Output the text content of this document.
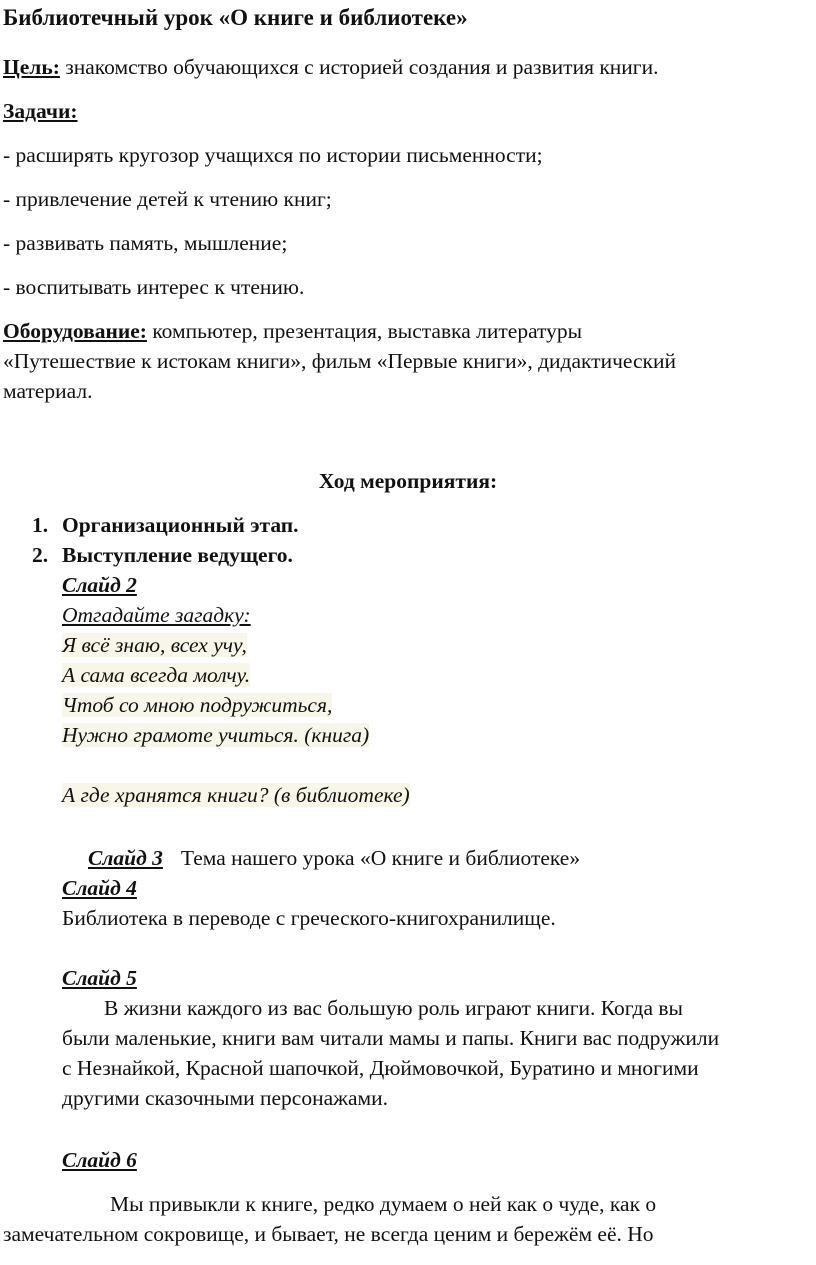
Библиотечный урок «О книге и библиотеке»
Цель: знакомство обучающихся с историей создания и развития книги.
Задачи:
- расширять кругозор учащихся по истории письменности;
- привлечение детей к чтению книг;
- развивать память, мышление;
- воспитывать интерес к чтению.
Оборудование: компьютер, презентация, выставка литературы
«Путешествие к истокам книги», фильм «Первые книги», дидактический
материал.
Ход мероприятия:
1. Организационный этап.
2. Выступление ведущего.
Слайд 2
Отгадайте загадку:
Я всё знаю, всех учу,
А сама всегда молчу.
Чтоб со мною подружиться,
Нужно грамоте учиться. (книга)
А где хранятся книги? (в библиотеке)
Слайд 3 Тема нашего урока «О книге и библиотеке»
Слайд 4
Библиотека в переводе с греческого-книгохранилище.
Слайд 5
В жизни каждого из вас большую роль играют книги. Когда вы
были маленькие, книги вам читали мамы и папы. Книги вас подружили
с Незнайкой, Красной шапочкой, Дюймовочкой, Буратино и многими
другими сказочными персонажами.
Слайд 6
Мы привыкли к книге, редко думаем о ней как о чуде, как о
замечательном сокровище, и бывает, не всегда ценим и бережём её. Но
